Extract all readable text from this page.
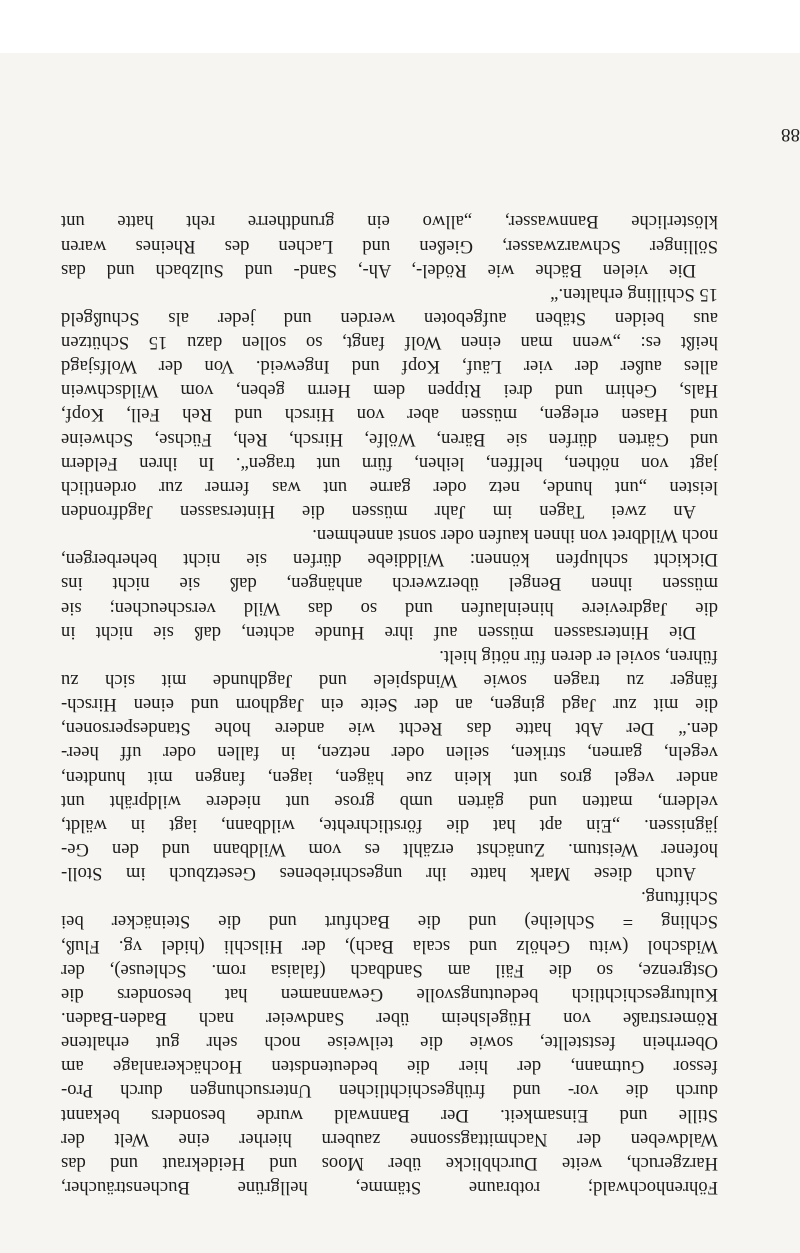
Föhrenhochwald; rotbraune Stämme, hellgrüne Buchensträucher,
Harzgeruch, weite Durchblicke über Moos und Heidekraut und das
Waldweben der Nachmittagssonne zaubern hierher eine Welt der
Stille und Einsamkeit. Der Bannwald wurde besonders bekannt
durch die vor- und frühgeschichtlichen Untersuchungen durch Pro-
fessor Gutmann, der hier die bedeutendsten Hochäckeranlage am
Oberrhein feststellte, sowie die teilweise noch sehr gut erhaltene
Römerstraße von Hügelsheim über Sandweier nach Baden-Baden.
Kulturgeschichtlich bedeutungsvolle Gewannamen hat besonders die
Ostgrenze, so die Fäil am Sandbach (falaisa rom. Schleuse), der
Widschol (witu Gehölz und scala Bach), der Hilschli (hidel vg. Fluß,
Schling = Schleihe) und die Bachfurt und die Steinäcker bei
Schiftung.
Auch diese Mark hatte ihr ungeschriebenes Gesetzbuch im Stoll-
hofener Weistum. Zunächst erzählt es vom Wildbann und den Ge-
jägnissen. „Ein apt hat die förstlichrehte, wildbann, iagt in wäldt,
veldern, matten und gärten umb grose unt niedere wildpräht unt
ander vegel gros unt klein zue hägen, iagen, fangen mit hundten,
vegeln, garnen, striken, seilen oder netzen, in fallen oder uff heer-
den.“ Der Abt hatte das Recht wie andere hohe Standespersonen,
die mit zur Jagd gingen, an der Seite ein Jagdhorn und einen Hirsch-
fänger zu tragen sowie Windspiele und Jagdhunde mit sich zu
führen, soviel er deren für nötig hielt.
Die Hintersassen müssen auf ihre Hunde achten, daß sie nicht in
die Jagdreviere hineinlaufen und so das Wild verscheuchen; sie
müssen ihnen Bengel überzwerch anhängen, daß sie nicht ins
Dickicht schlupfen können: Wilddiebe dürfen sie nicht beherbergen,
noch Wildbret von ihnen kaufen oder sonst annehmen.
An zwei Tagen im Jahr müssen die Hintersassen Jagdfronden
leisten „unt hunde, netz oder garne unt was ferner zur ordentlich
jagt von nöthen, helffen, leihen, fürn unt tragen“. In ihren Feldern
und Gärten dürfen sie Bären, Wölfe, Hirsch, Reh, Füchse, Schweine
und Hasen erlegen, müssen aber von Hirsch und Reh Fell, Kopf,
Hals, Gehirn und drei Rippen dem Herrn geben, vom Wildschwein
alles außer der vier Läuf, Kopf und Ingeweid. Von der Wolfsjagd
heißt es: „wenn man einen Wolf fangt, so sollen dazu 15 Schützen
aus beiden Stäben aufgeboten werden und jeder als Schußgeld
15 Schilling erhalten.“
Die vielen Bäche wie Rödel-, Ah-, Sand- und Sulzbach und das
Söllinger Schwarzwasser, Gießen und Lachen des Rheines waren
klösterliche Bannwasser, „allwo ein grundtherre reht hatte unt
88
